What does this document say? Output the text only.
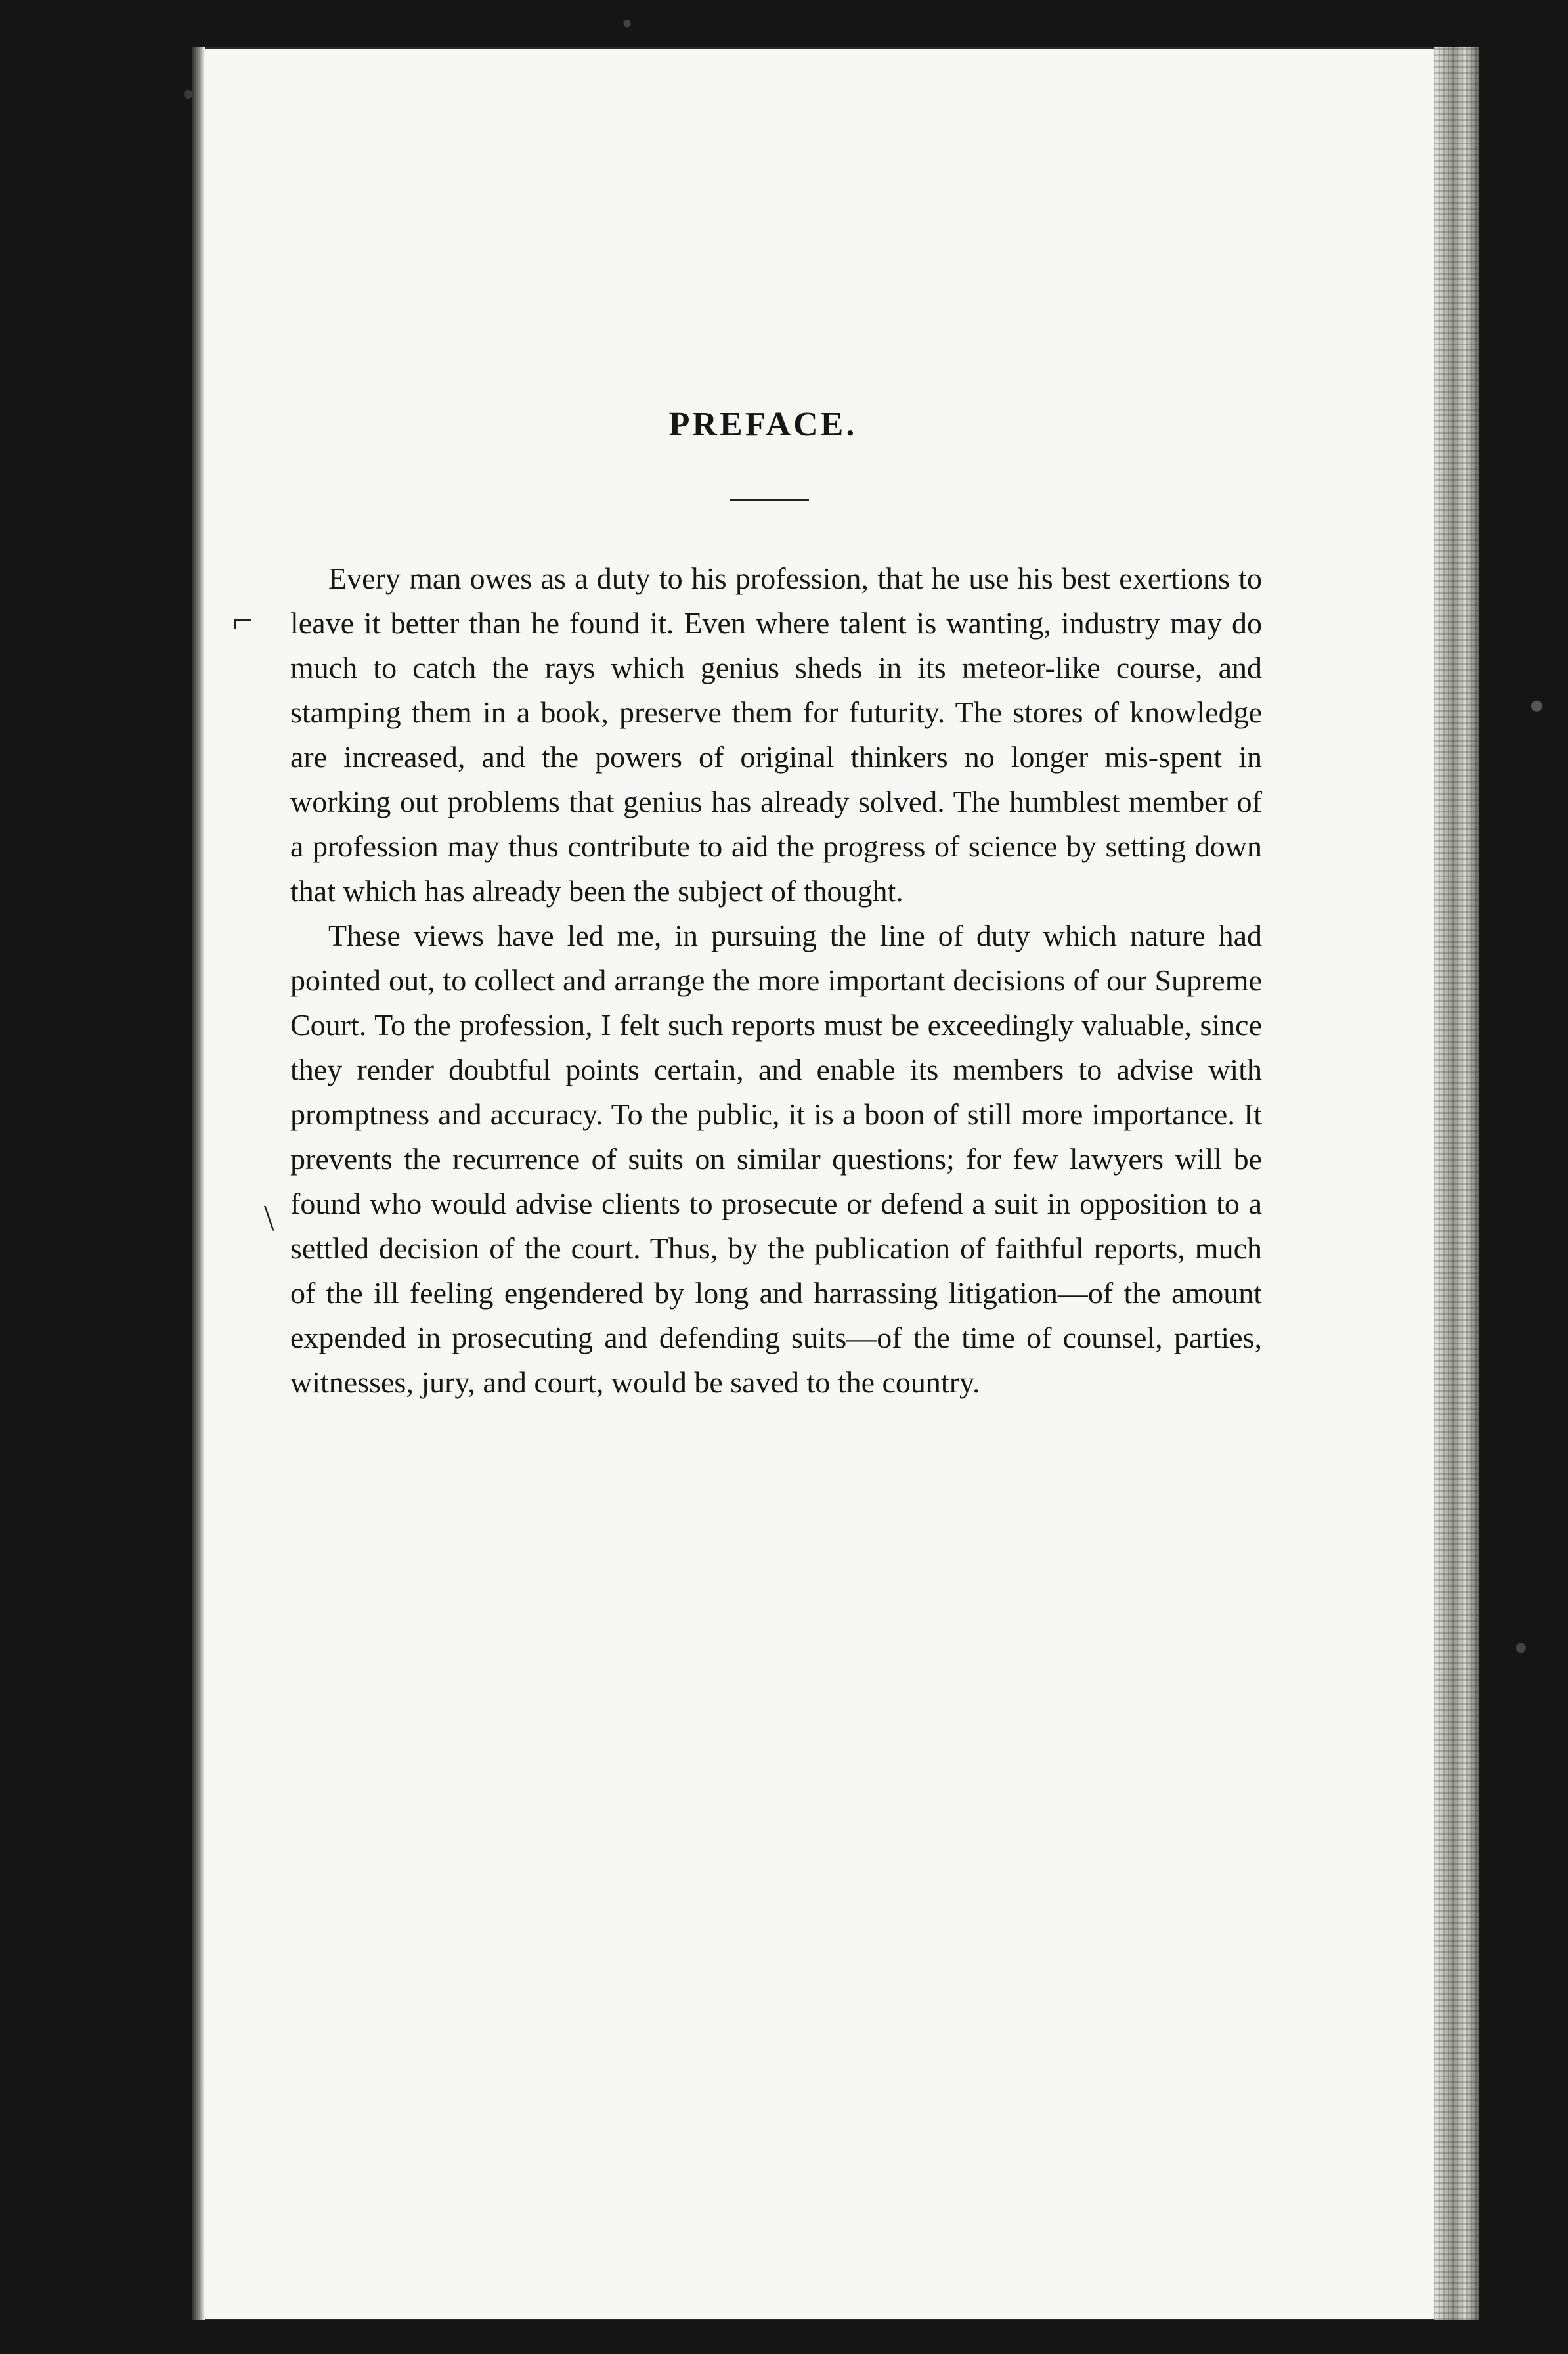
PREFACE.
⌐
\

Every man owes as a duty to his profession, that he use his best exertions to leave it better than he found it. Even where talent is wanting, industry may do much to catch the rays which genius sheds in its meteor-like course, and stamping them in a book, preserve them for futurity. The stores of knowledge are increased, and the powers of original thinkers no longer mis-spent in working out problems that genius has already solved. The humblest member of a profession may thus contribute to aid the progress of science by setting down that which has already been the subject of thought.

These views have led me, in pursuing the line of duty which nature had pointed out, to collect and arrange the more important decisions of our Supreme Court. To the profession, I felt such reports must be exceedingly valuable, since they render doubtful points certain, and enable its members to advise with promptness and accuracy. To the public, it is a boon of still more importance. It prevents the recurrence of suits on similar questions; for few lawyers will be found who would advise clients to prosecute or defend a suit in opposition to a settled decision of the court. Thus, by the publication of faithful reports, much of the ill feeling engendered by long and harrassing litigation—of the amount expended in prosecuting and defending suits—of the time of counsel, parties, witnesses, jury, and court, would be saved to the country.
